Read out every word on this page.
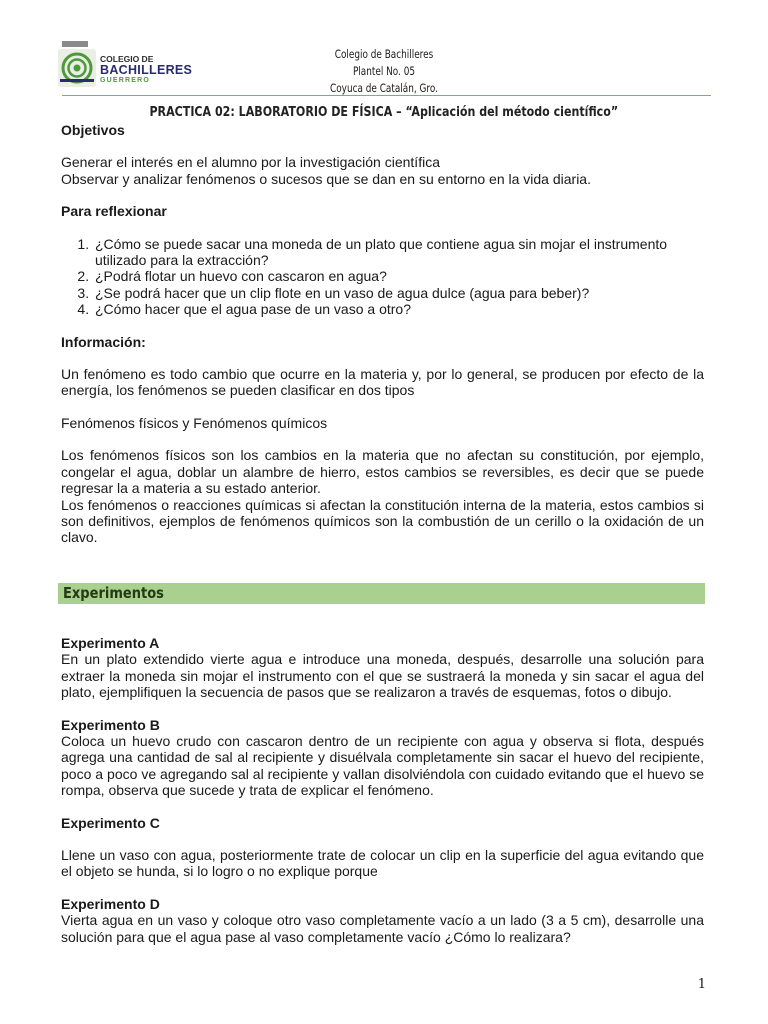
COLEGIO DE
BACHILLERES
GUERRERO
Colegio de Bachilleres
Plantel No. 05
Coyuca de Catalán, Gro.
PRACTICA 02: LABORATORIO DE FÍSICA – “Aplicación del método científico”

Objetivos

Generar el interés en el alumno por la investigación científica

Observar y analizar fenómenos o sucesos que se dan en su entorno en la vida diaria.

Para reflexionar

1. ¿Cómo se puede sacar una moneda de un plato que contiene agua sin mojar el instrumento utilizado para la extracción?
2. ¿Podrá flotar un huevo con cascaron en agua?
3. ¿Se podrá hacer que un clip flote en un vaso de agua dulce (agua para beber)?
4. ¿Cómo hacer que el agua pase de un vaso a otro?

Información:

Un fenómeno es todo cambio que ocurre en la materia y, por lo general, se producen por efecto de la energía, los fenómenos se pueden clasificar en dos tipos

Fenómenos físicos y Fenómenos químicos

Los fenómenos físicos son los cambios en la materia que no afectan su constitución, por ejemplo, congelar el agua, doblar un alambre de hierro, estos cambios se reversibles, es decir que se puede regresar la a materia a su estado anterior.

Los fenómenos o reacciones químicas si afectan la constitución interna de la materia, estos cambios si son definitivos, ejemplos de fenómenos químicos son la combustión de un cerillo o la oxidación de un clavo.

Experimentos

Experimento A

En un plato extendido vierte agua e introduce una moneda, después, desarrolle una solución para extraer la moneda sin mojar el instrumento con el que se sustraerá la moneda y sin sacar el agua del plato, ejemplifiquen la secuencia de pasos que se realizaron a través de esquemas, fotos o dibujo.

Experimento B

Coloca un huevo crudo con cascaron dentro de un recipiente con agua y observa si flota, después agrega una cantidad de sal al recipiente y disuélvala completamente sin sacar el huevo del recipiente, poco a poco ve agregando sal al recipiente y vallan disolviéndola con cuidado evitando que el huevo se rompa, observa que sucede y trata de explicar el fenómeno.

Experimento C

Llene un vaso con agua, posteriormente trate de colocar un clip en la superficie del agua evitando que el objeto se hunda, si lo logro o no explique porque

Experimento D

Vierta agua en un vaso y coloque otro vaso completamente vacío a un lado (3 a 5 cm), desarrolle una solución para que el agua pase al vaso completamente vacío ¿Cómo lo realizara?

1
